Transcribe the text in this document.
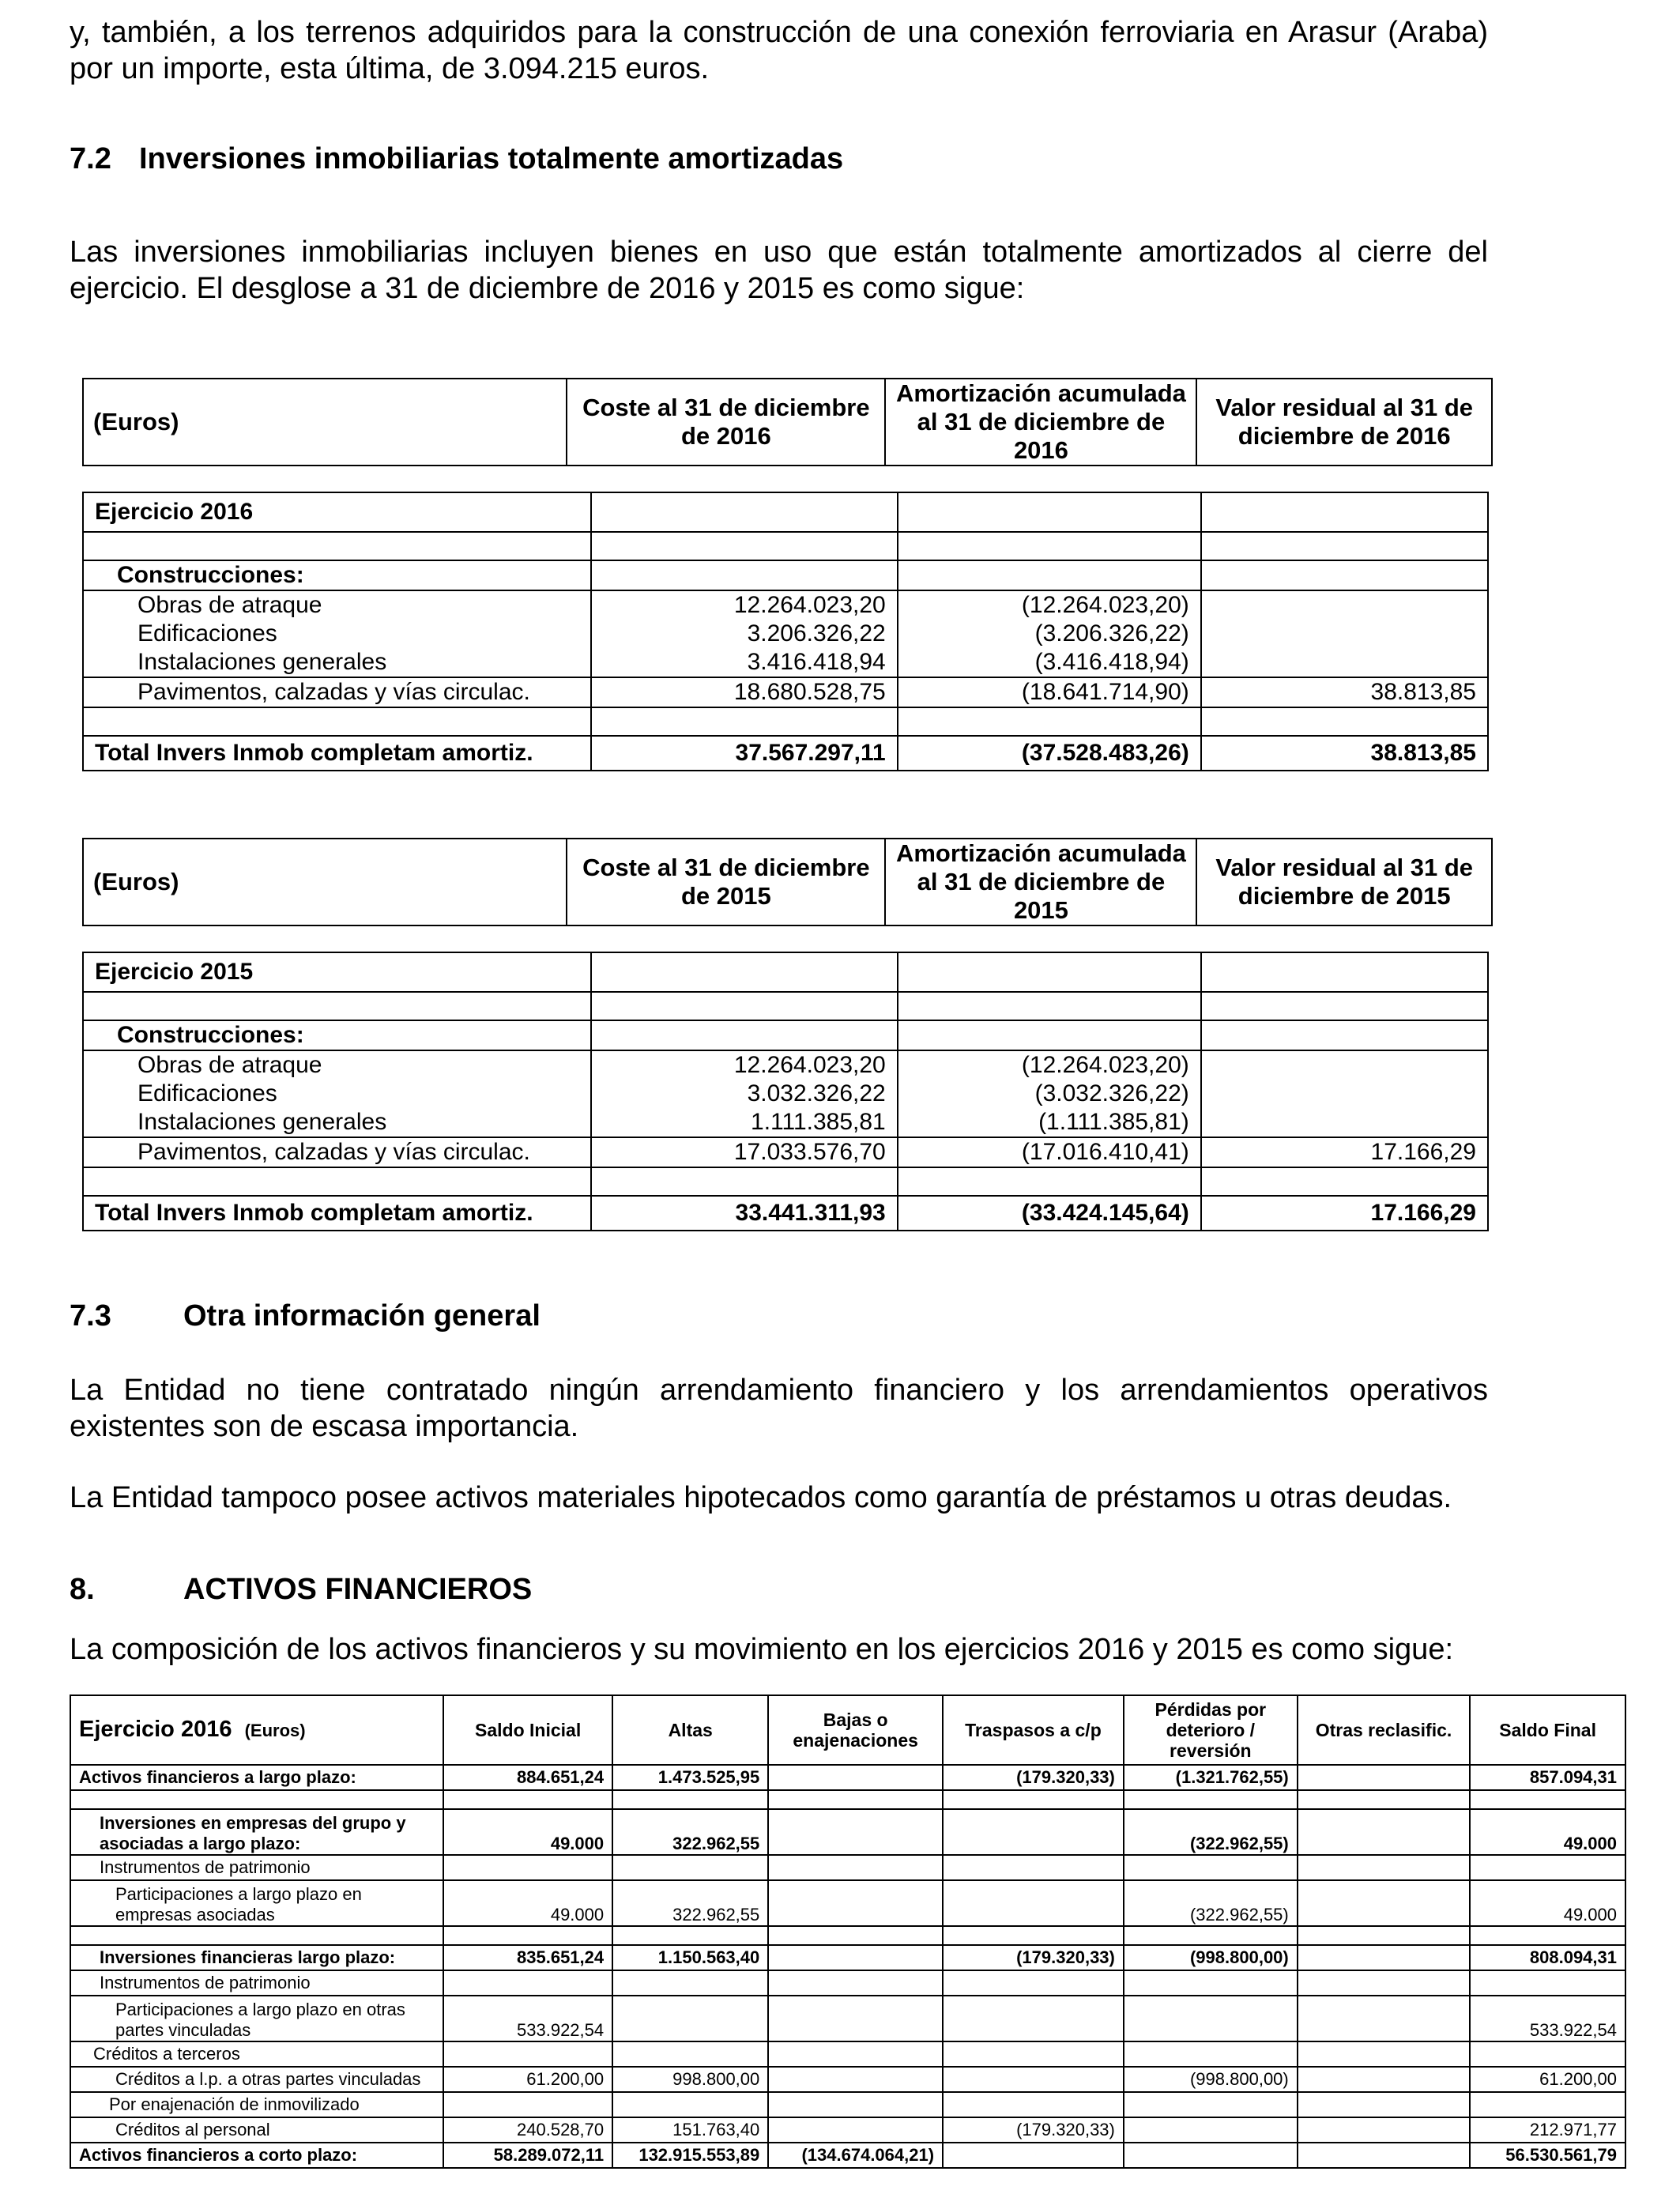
y, también, a los terrenos adquiridos para la construcción de una conexión ferroviaria en Arasur (Araba)
por un importe, esta última, de 3.094.215 euros.
7.2 Inversiones inmobiliarias totalmente amortizadas
Las inversiones inmobiliarias incluyen bienes en uso que están totalmente amortizados al cierre del
ejercicio. El desglose a 31 de diciembre de 2016 y 2015 es como sigue:
(Euros)	Coste al 31 de diciembre de 2016	Amortización acumulada al 31 de diciembre de 2016	Valor residual al 31 de diciembre de 2016
Ejercicio 2016			

Construcciones:			
Obras de atraque	12.264.023,20	(12.264.023,20)	
Edificaciones	3.206.326,22	(3.206.326,22)	
Instalaciones generales	3.416.418,94	(3.416.418,94)	
Pavimentos, calzadas y vías circulac.	18.680.528,75	(18.641.714,90)	38.813,85

Total Invers Inmob completam amortiz.	37.567.297,11	(37.528.483,26)	38.813,85
(Euros)	Coste al 31 de diciembre de 2015	Amortización acumulada al 31 de diciembre de 2015	Valor residual al 31 de diciembre de 2015
Ejercicio 2015			

Construcciones:			
Obras de atraque	12.264.023,20	(12.264.023,20)	
Edificaciones	3.032.326,22	(3.032.326,22)	
Instalaciones generales	1.111.385,81	(1.111.385,81)	
Pavimentos, calzadas y vías circulac.	17.033.576,70	(17.016.410,41)	17.166,29

Total Invers Inmob completam amortiz.	33.441.311,93	(33.424.145,64)	17.166,29
7.3 Otra información general
La Entidad no tiene contratado ningún arrendamiento financiero y los arrendamientos operativos
existentes son de escasa importancia.
La Entidad tampoco posee activos materiales hipotecados como garantía de préstamos u otras deudas.
8.	ACTIVOS FINANCIEROS
La composición de los activos financieros y su movimiento en los ejercicios 2016 y 2015 es como sigue:
Ejercicio 2016 (Euros)	Saldo Inicial	Altas	Bajas o enajenaciones	Traspasos a c/p	Pérdidas por deterioro / reversión	Otras reclasific.	Saldo Final
Activos financieros a largo plazo:	884.651,24	1.473.525,95		(179.320,33)	(1.321.762,55)		857.094,31

Inversiones en empresas del grupo y asociadas a largo plazo:	49.000	322.962,55			(322.962,55)		49.000
Instrumentos de patrimonio							
Participaciones a largo plazo en empresas asociadas	49.000	322.962,55			(322.962,55)		49.000

Inversiones financieras largo plazo:	835.651,24	1.150.563,40		(179.320,33)	(998.800,00)		808.094,31
Instrumentos de patrimonio							
Participaciones a largo plazo en otras partes vinculadas	533.922,54						533.922,54
Créditos a terceros							
Créditos a l.p. a otras partes vinculadas	61.200,00	998.800,00			(998.800,00)		61.200,00
Por enajenación de inmovilizado							
Créditos al personal	240.528,70	151.763,40		(179.320,33)			212.971,77
Activos financieros a corto plazo:	58.289.072,11	132.915.553,89	(134.674.064,21)				56.530.561,79
